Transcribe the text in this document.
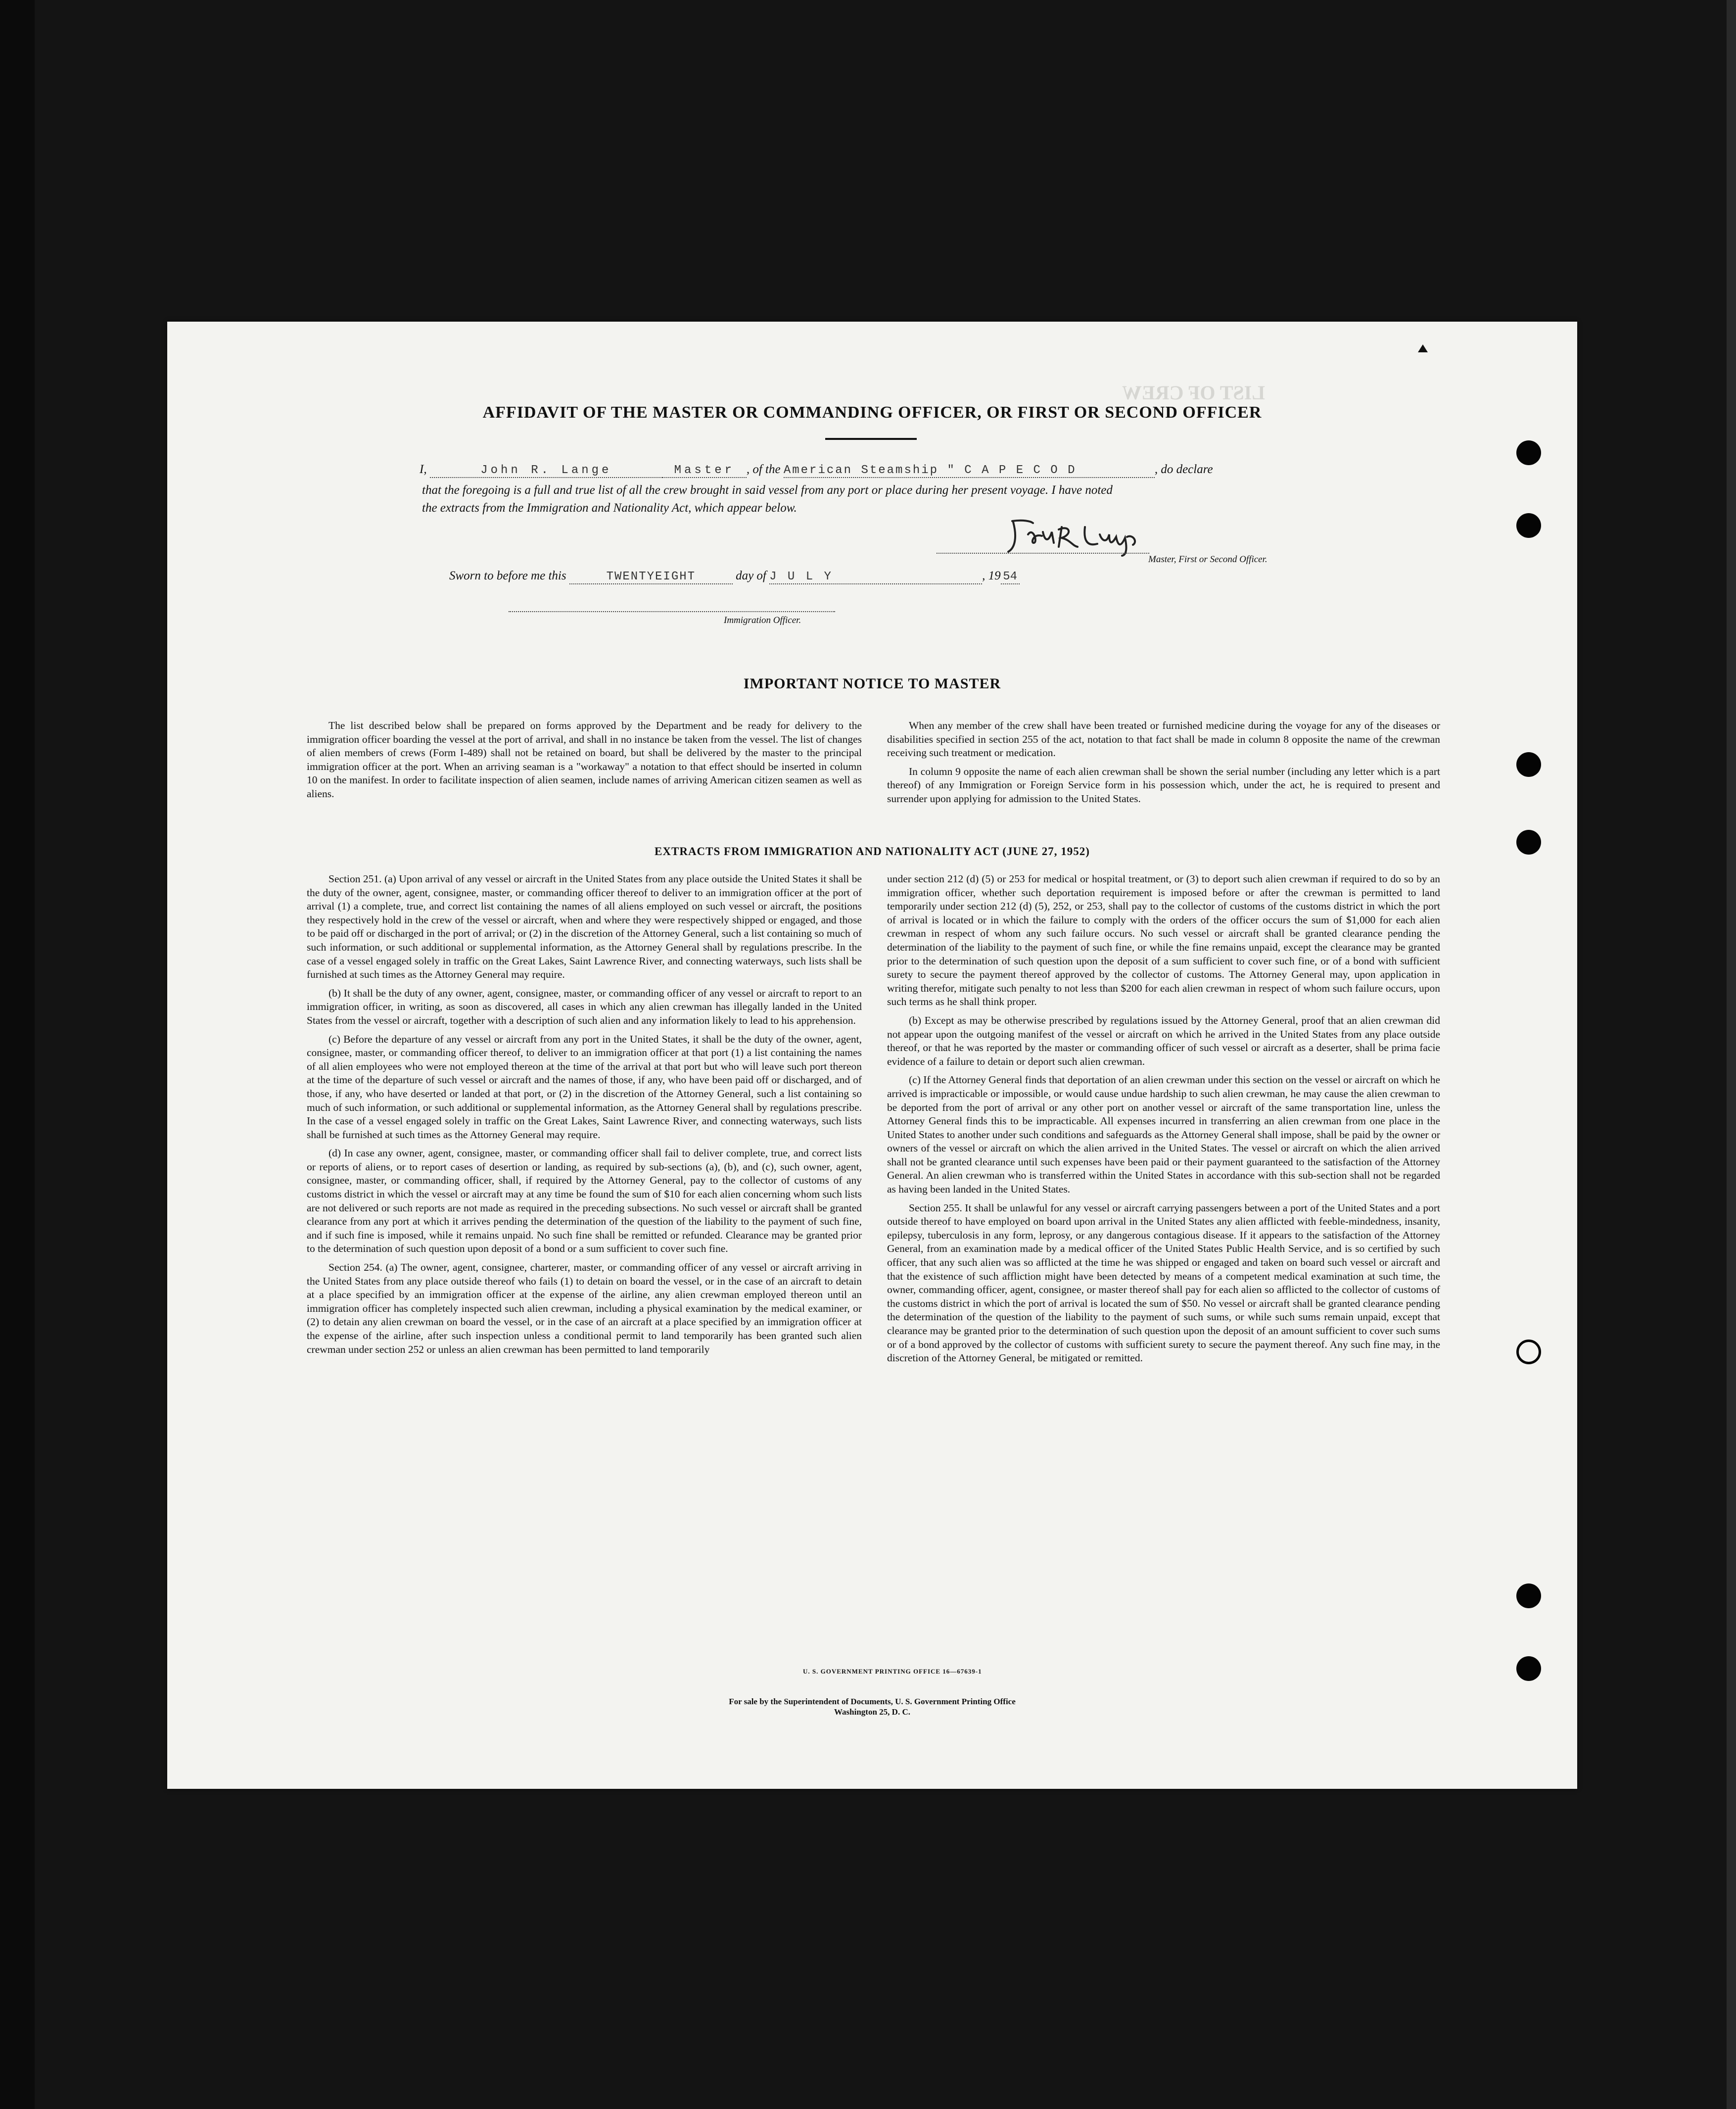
LIST OF CREW
AFFIDAVIT OF THE MASTER OR COMMANDING OFFICER, OR FIRST OR SECOND OFFICER
I,	John R. Lange	Master , of the American Steamship " C A P E C O D	, do declare
that the foregoing is a full and true list of all the crew brought in said vessel from any port or place during her present voyage. I have noted
the extracts from the Immigration and Nationality Act, which appear below.
Master, First or Second Officer.
Sworn to before me this	TWENTYEIGHT	day of J U L Y	, 19 54
Immigration Officer.
IMPORTANT NOTICE TO MASTER

The list described below shall be prepared on forms approved by the Department and be ready for delivery to the immigration officer boarding the vessel at the port of arrival, and shall in no instance be taken from the vessel. The list of changes of alien members of crews (Form I-489) shall not be retained on board, but shall be delivered by the master to the principal immigration officer at the port. When an arriving seaman is a "workaway" a notation to that effect should be inserted in column 10 on the manifest. In order to facilitate inspection of alien seamen, include names of arriving American citizen seamen as well as aliens.

When any member of the crew shall have been treated or furnished medicine during the voyage for any of the diseases or disabilities specified in section 255 of the act, notation to that fact shall be made in column 8 opposite the name of the crewman receiving such treatment or medication.

In column 9 opposite the name of each alien crewman shall be shown the serial number (including any letter which is a part thereof) of any Immigration or Foreign Service form in his possession which, under the act, he is required to present and surrender upon applying for admission to the United States.

EXTRACTS FROM IMMIGRATION AND NATIONALITY ACT (JUNE 27, 1952)

Section 251. (a) Upon arrival of any vessel or aircraft in the United States from any place outside the United States it shall be the duty of the owner, agent, consignee, master, or commanding officer thereof to deliver to an immigration officer at the port of arrival (1) a complete, true, and correct list containing the names of all aliens employed on such vessel or aircraft, the positions they respectively hold in the crew of the vessel or aircraft, when and where they were respectively shipped or engaged, and those to be paid off or discharged in the port of arrival; or (2) in the discretion of the Attorney General, such a list containing so much of such information, or such additional or supplemental information, as the Attorney General shall by regulations prescribe. In the case of a vessel engaged solely in traffic on the Great Lakes, Saint Lawrence River, and connecting waterways, such lists shall be furnished at such times as the Attorney General may require.

(b) It shall be the duty of any owner, agent, consignee, master, or commanding officer of any vessel or aircraft to report to an immigration officer, in writing, as soon as discovered, all cases in which any alien crewman has illegally landed in the United States from the vessel or aircraft, together with a description of such alien and any information likely to lead to his apprehension.

(c) Before the departure of any vessel or aircraft from any port in the United States, it shall be the duty of the owner, agent, consignee, master, or commanding officer thereof, to deliver to an immigration officer at that port (1) a list containing the names of all alien employees who were not employed thereon at the time of the arrival at that port but who will leave such port thereon at the time of the departure of such vessel or aircraft and the names of those, if any, who have been paid off or discharged, and of those, if any, who have deserted or landed at that port, or (2) in the discretion of the Attorney General, such a list containing so much of such information, or such additional or supplemental information, as the Attorney General shall by regulations prescribe. In the case of a vessel engaged solely in traffic on the Great Lakes, Saint Lawrence River, and connecting waterways, such lists shall be furnished at such times as the Attorney General may require.

(d) In case any owner, agent, consignee, master, or commanding officer shall fail to deliver complete, true, and correct lists or reports of aliens, or to report cases of desertion or landing, as required by sub-sections (a), (b), and (c), such owner, agent, consignee, master, or commanding officer, shall, if required by the Attorney General, pay to the collector of customs of any customs district in which the vessel or aircraft may at any time be found the sum of $10 for each alien concerning whom such lists are not delivered or such reports are not made as required in the preceding subsections. No such vessel or aircraft shall be granted clearance from any port at which it arrives pending the determination of the question of the liability to the payment of such fine, and if such fine is imposed, while it remains unpaid. No such fine shall be remitted or refunded. Clearance may be granted prior to the determination of such question upon deposit of a bond or a sum sufficient to cover such fine.

Section 254. (a) The owner, agent, consignee, charterer, master, or commanding officer of any vessel or aircraft arriving in the United States from any place outside thereof who fails (1) to detain on board the vessel, or in the case of an aircraft to detain at a place specified by an immigration officer at the expense of the airline, any alien crewman employed thereon until an immigration officer has completely inspected such alien crewman, including a physical examination by the medical examiner, or (2) to detain any alien crewman on board the vessel, or in the case of an aircraft at a place specified by an immigration officer at the expense of the airline, after such inspection unless a conditional permit to land temporarily has been granted such alien crewman under section 252 or unless an alien crewman has been permitted to land temporarily

under section 212 (d) (5) or 253 for medical or hospital treatment, or (3) to deport such alien crewman if required to do so by an immigration officer, whether such deportation requirement is imposed before or after the crewman is permitted to land temporarily under section 212 (d) (5), 252, or 253, shall pay to the collector of customs of the customs district in which the port of arrival is located or in which the failure to comply with the orders of the officer occurs the sum of $1,000 for each alien crewman in respect of whom any such failure occurs. No such vessel or aircraft shall be granted clearance pending the determination of the liability to the payment of such fine, or while the fine remains unpaid, except the clearance may be granted prior to the determination of such question upon the deposit of a sum sufficient to cover such fine, or of a bond with sufficient surety to secure the payment thereof approved by the collector of customs. The Attorney General may, upon application in writing therefor, mitigate such penalty to not less than $200 for each alien crewman in respect of whom such failure occurs, upon such terms as he shall think proper.

(b) Except as may be otherwise prescribed by regulations issued by the Attorney General, proof that an alien crewman did not appear upon the outgoing manifest of the vessel or aircraft on which he arrived in the United States from any place outside thereof, or that he was reported by the master or commanding officer of such vessel or aircraft as a deserter, shall be prima facie evidence of a failure to detain or deport such alien crewman.

(c) If the Attorney General finds that deportation of an alien crewman under this section on the vessel or aircraft on which he arrived is impracticable or impossible, or would cause undue hardship to such alien crewman, he may cause the alien crewman to be deported from the port of arrival or any other port on another vessel or aircraft of the same transportation line, unless the Attorney General finds this to be impracticable. All expenses incurred in transferring an alien crewman from one place in the United States to another under such conditions and safeguards as the Attorney General shall impose, shall be paid by the owner or owners of the vessel or aircraft on which the alien arrived in the United States. The vessel or aircraft on which the alien arrived shall not be granted clearance until such expenses have been paid or their payment guaranteed to the satisfaction of the Attorney General. An alien crewman who is transferred within the United States in accordance with this sub-section shall not be regarded as having been landed in the United States.

Section 255. It shall be unlawful for any vessel or aircraft carrying passengers between a port of the United States and a port outside thereof to have employed on board upon arrival in the United States any alien afflicted with feeble-mindedness, insanity, epilepsy, tuberculosis in any form, leprosy, or any dangerous contagious disease. If it appears to the satisfaction of the Attorney General, from an examination made by a medical officer of the United States Public Health Service, and is so certified by such officer, that any such alien was so afflicted at the time he was shipped or engaged and taken on board such vessel or aircraft and that the existence of such affliction might have been detected by means of a competent medical examination at such time, the owner, commanding officer, agent, consignee, or master thereof shall pay for each alien so afflicted to the collector of customs of the customs district in which the port of arrival is located the sum of $50. No vessel or aircraft shall be granted clearance pending the determination of the question of the liability to the payment of such sums, or while such sums remain unpaid, except that clearance may be granted prior to the determination of such question upon the deposit of an amount sufficient to cover such sums or of a bond approved by the collector of customs with sufficient surety to secure the payment thereof. Any such fine may, in the discretion of the Attorney General, be mitigated or remitted.

U. S. GOVERNMENT PRINTING OFFICE 16—67639-1
For sale by the Superintendent of Documents, U. S. Government Printing Office
Washington 25, D. C.
